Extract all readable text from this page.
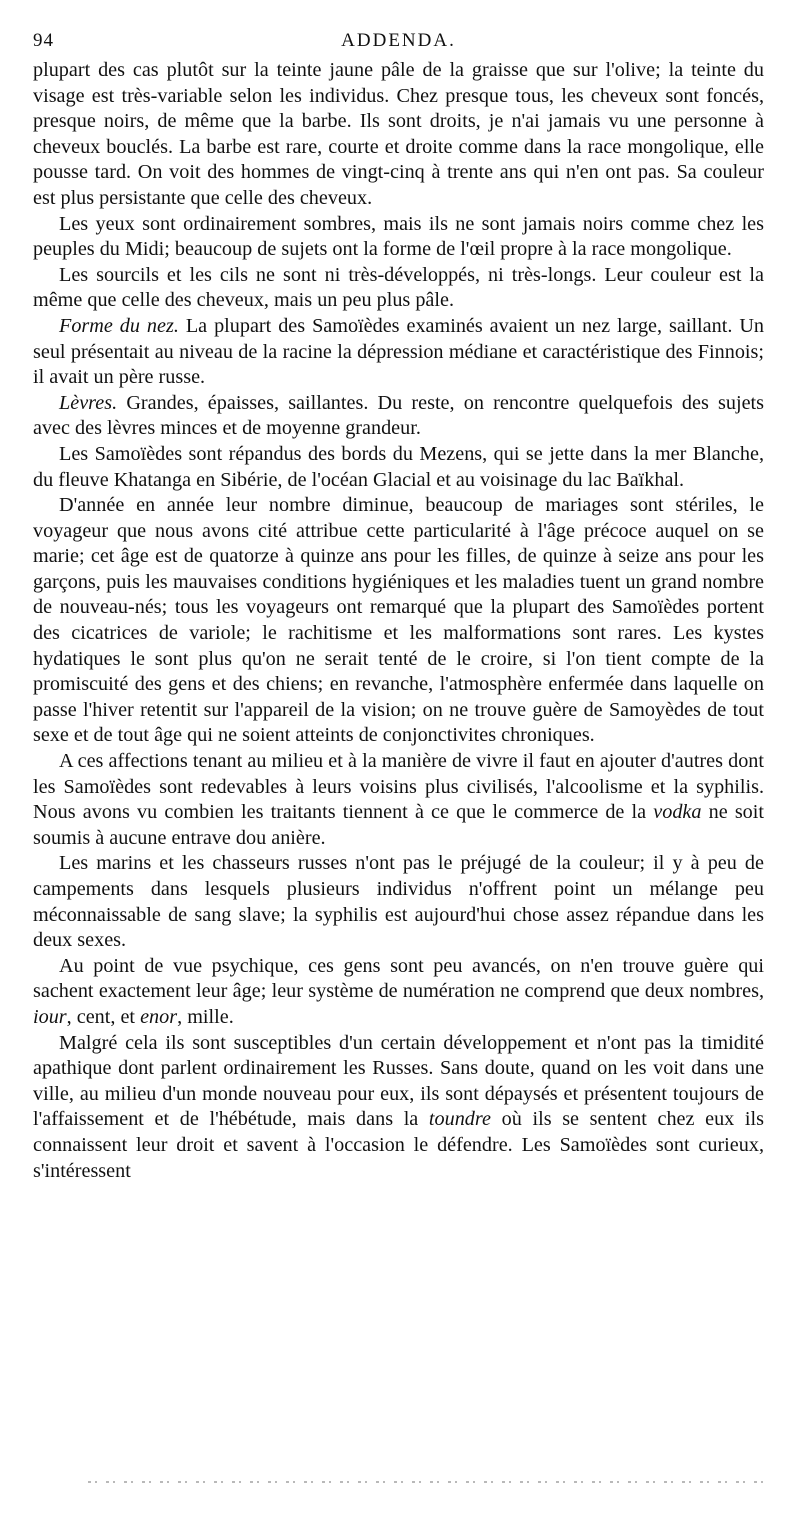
94	ADDENDA.

plupart des cas plutôt sur la teinte jaune pâle de la graisse que sur l'olive; la teinte du visage est très-variable selon les individus. Chez presque tous, les cheveux sont foncés, presque noirs, de même que la barbe. Ils sont droits, je n'ai jamais vu une personne à cheveux bouclés. La barbe est rare, courte et droite comme dans la race mongolique, elle pousse tard. On voit des hommes de vingt-cinq à trente ans qui n'en ont pas. Sa couleur est plus persistante que celle des cheveux.

Les yeux sont ordinairement sombres, mais ils ne sont jamais noirs comme chez les peuples du Midi; beaucoup de sujets ont la forme de l'œil propre à la race mongolique.

Les sourcils et les cils ne sont ni très-développés, ni très-longs. Leur couleur est la même que celle des cheveux, mais un peu plus pâle.

Forme du nez. La plupart des Samoïèdes examinés avaient un nez large, saillant. Un seul présentait au niveau de la racine la dépression médiane et caractéristique des Finnois; il avait un père russe.

Lèvres. Grandes, épaisses, saillantes. Du reste, on rencontre quelquefois des sujets avec des lèvres minces et de moyenne grandeur.

Les Samoïèdes sont répandus des bords du Mezens, qui se jette dans la mer Blanche, du fleuve Khatanga en Sibérie, de l'océan Glacial et au voisinage du lac Baïkhal.

D'année en année leur nombre diminue, beaucoup de mariages sont stériles, le voyageur que nous avons cité attribue cette particularité à l'âge précoce auquel on se marie; cet âge est de quatorze à quinze ans pour les filles, de quinze à seize ans pour les garçons, puis les mauvaises conditions hygiéniques et les maladies tuent un grand nombre de nouveau-nés; tous les voyageurs ont remarqué que la plupart des Samoïèdes portent des cicatrices de variole; le rachitisme et les malformations sont rares. Les kystes hydatiques le sont plus qu'on ne serait tenté de le croire, si l'on tient compte de la promiscuité des gens et des chiens; en revanche, l'atmosphère enfermée dans laquelle on passe l'hiver retentit sur l'appareil de la vision; on ne trouve guère de Samoyèdes de tout sexe et de tout âge qui ne soient atteints de conjonctivites chroniques.

A ces affections tenant au milieu et à la manière de vivre il faut en ajouter d'autres dont les Samoïèdes sont redevables à leurs voisins plus civilisés, l'alcoolisme et la syphilis. Nous avons vu combien les traitants tiennent à ce que le commerce de la vodka ne soit soumis à aucune entrave dou anière.

Les marins et les chasseurs russes n'ont pas le préjugé de la couleur; il y à peu de campements dans lesquels plusieurs individus n'offrent point un mélange peu méconnaissable de sang slave; la syphilis est aujourd'hui chose assez répandue dans les deux sexes.

Au point de vue psychique, ces gens sont peu avancés, on n'en trouve guère qui sachent exactement leur âge; leur système de numération ne comprend que deux nombres, iour, cent, et enor, mille.

Malgré cela ils sont susceptibles d'un certain développement et n'ont pas la timidité apathique dont parlent ordinairement les Russes. Sans doute, quand on les voit dans une ville, au milieu d'un monde nouveau pour eux, ils sont dépaysés et présentent toujours de l'affaissement et de l'hébétude, mais dans la toundre où ils se sentent chez eux ils connaissent leur droit et savent à l'occasion le défendre. Les Samoïèdes sont curieux, s'intéressent
